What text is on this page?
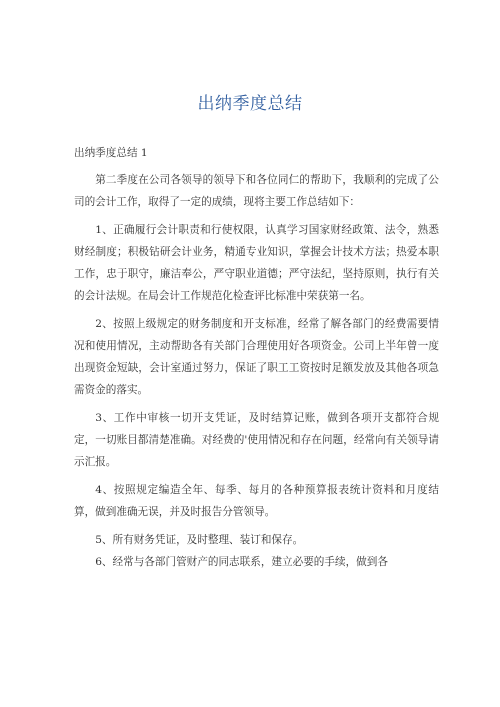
出纳季度总结

出纳季度总结 1

第二季度在公司各领导的领导下和各位同仁的帮助下，我顺利的完成了公司的会计工作，取得了一定的成绩，现将主要工作总结如下：

1、正确履行会计职责和行使权限，认真学习国家财经政策、法令，熟悉财经制度；积极钻研会计业务，精通专业知识，掌握会计技术方法；热爱本职工作，忠于职守，廉洁奉公，严守职业道德；严守法纪，坚持原则，执行有关的会计法规。在局会计工作规范化检查评比标准中荣获第一名。

2、按照上级规定的财务制度和开支标准，经常了解各部门的经费需要情况和使用情况，主动帮助各有关部门合理使用好各项资金。公司上半年曾一度出现资金短缺，会计室通过努力，保证了职工工资按时足额发放及其他各项急需资金的落实。

3、工作中审核一切开支凭证，及时结算记账，做到各项开支都符合规定，一切账目都清楚准确。对经费的'使用情况和存在问题，经常向有关领导请示汇报。

4、按照规定编造全年、每季、每月的各种预算报表统计资料和月度结算，做到准确无误，并及时报告分管领导。

5、所有财务凭证，及时整理、装订和保存。

6、经常与各部门管财产的同志联系，建立必要的手续，做到各
